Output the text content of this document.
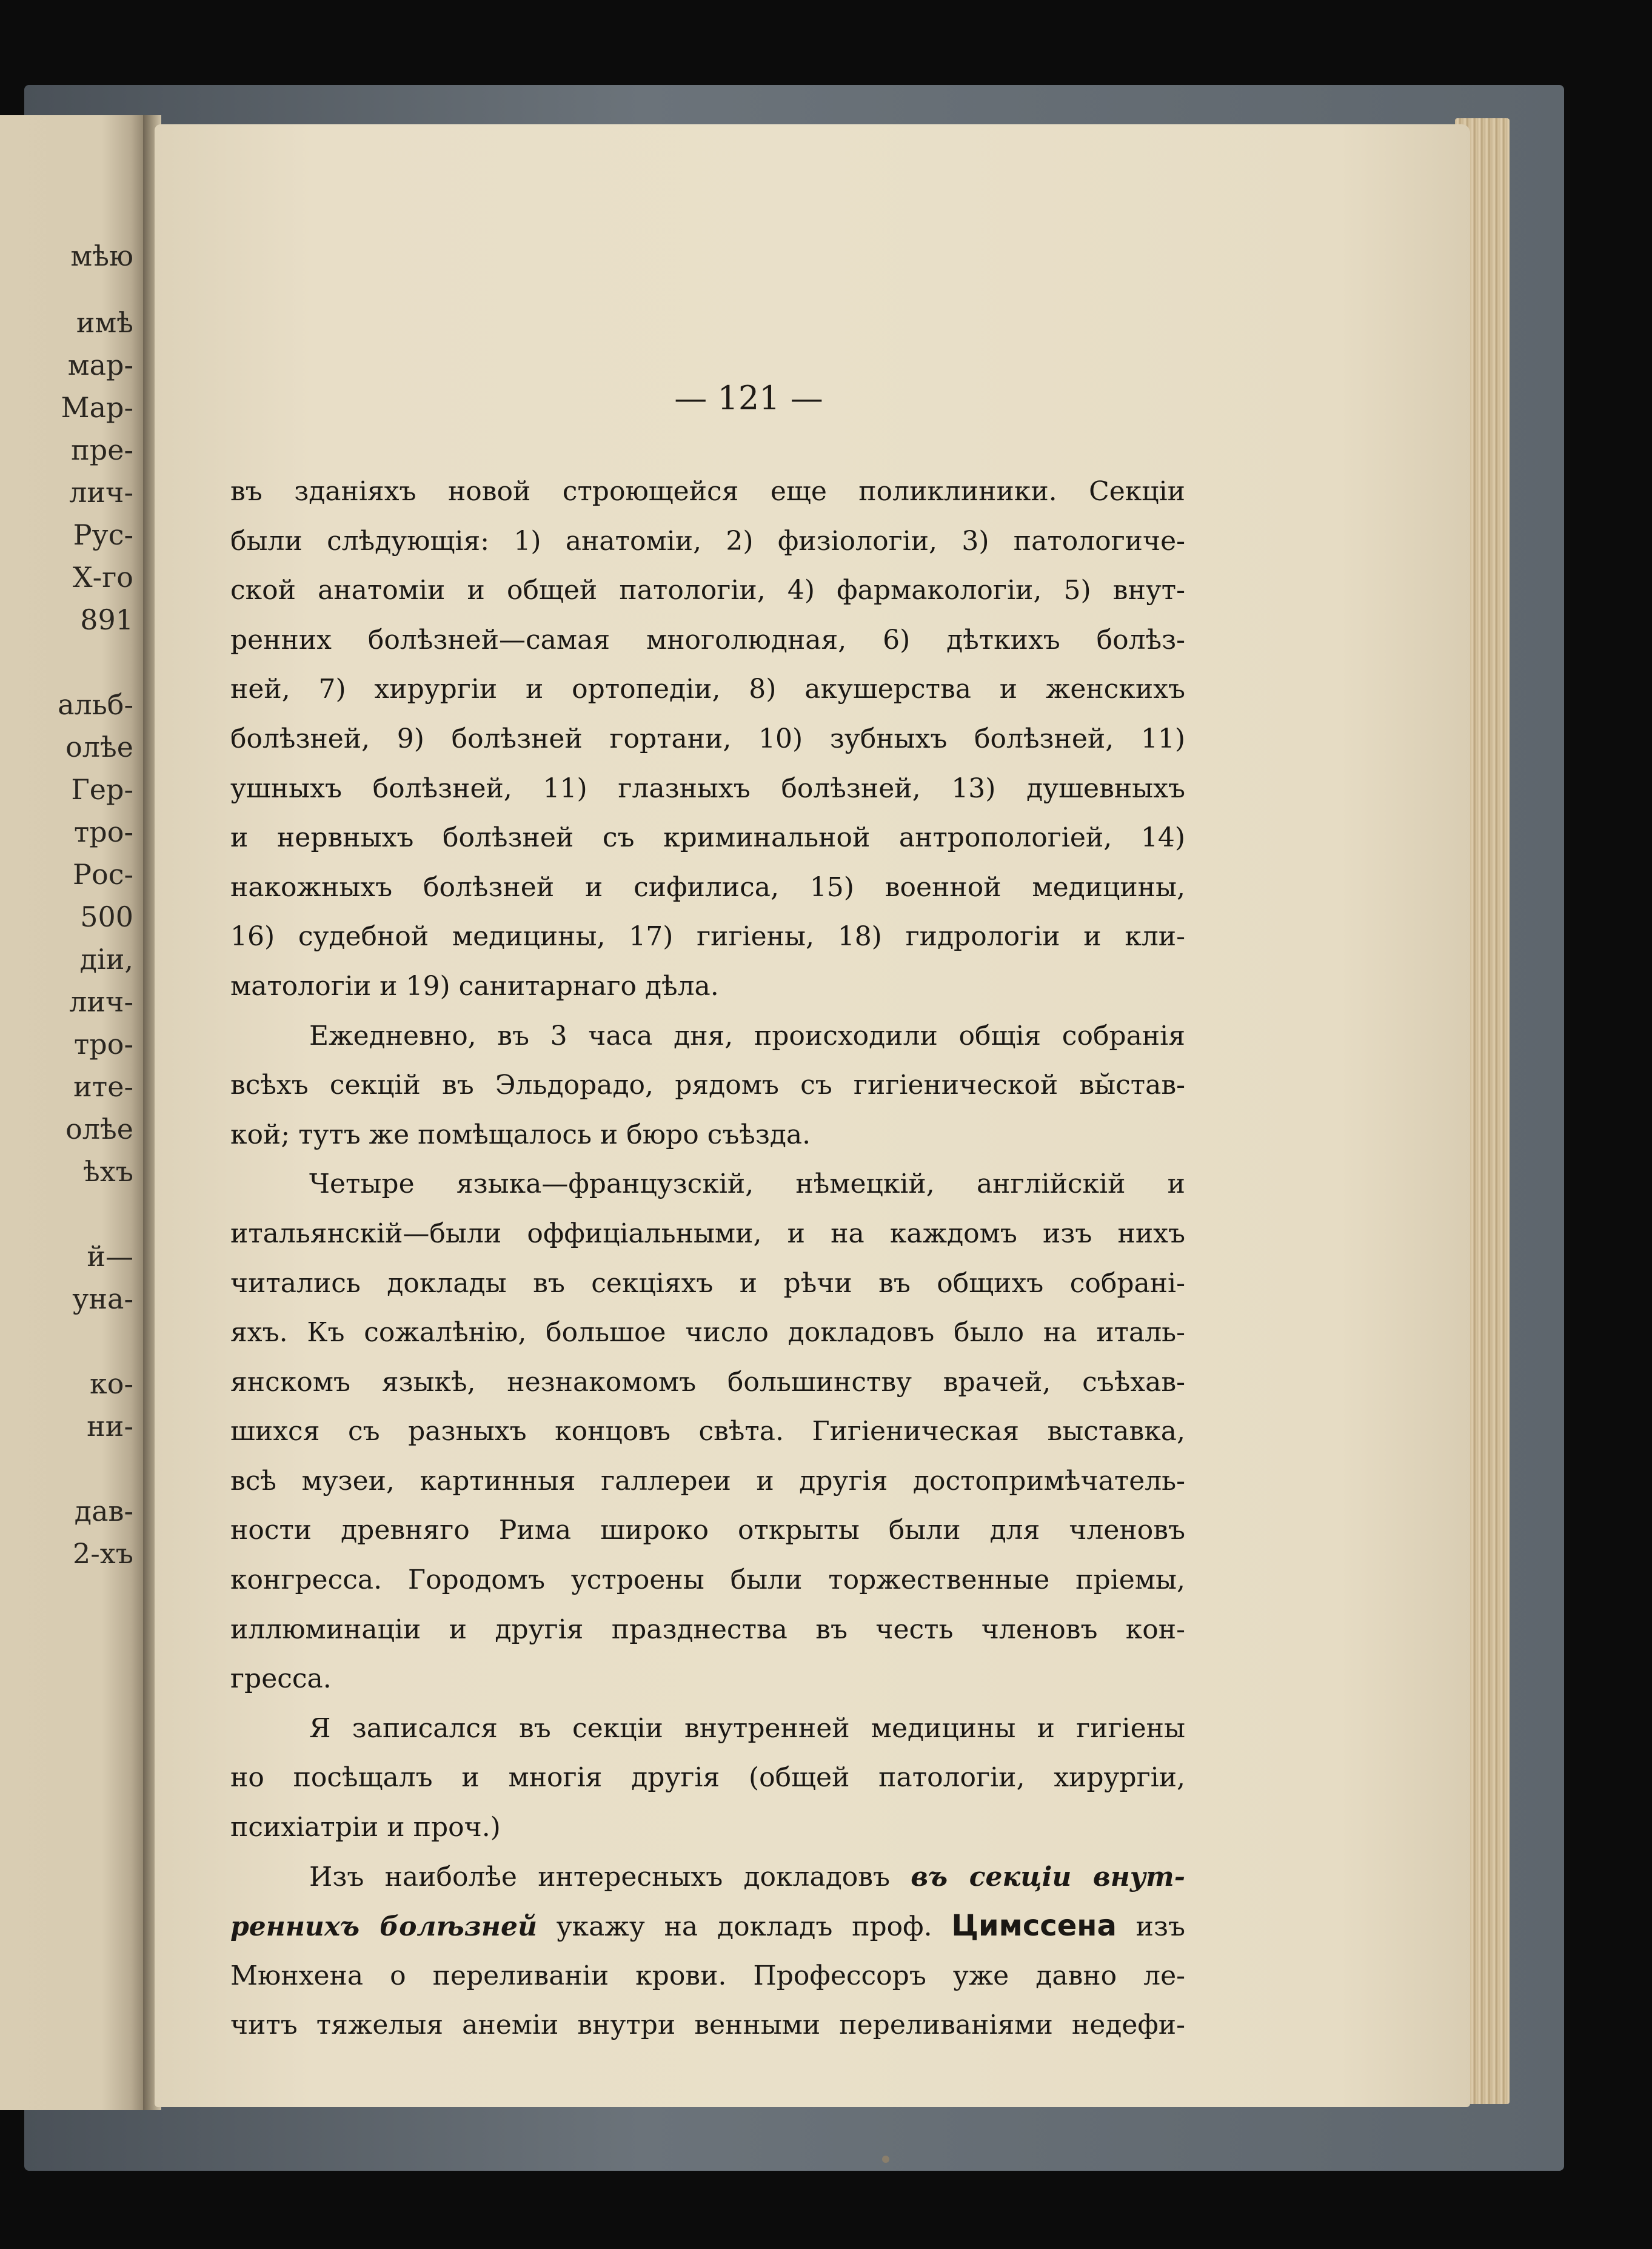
мѣю
имѣ
мар-
Мар-
пре-
лич-
Рус-
Х-го
891
альб-
олѣе
Гер-
тро-
Рос-
500
діи,
лич-
тро-
ите-
олѣе
ѣхъ
й—
уна-
ко-
ни-
дав-
2-хъ
— 121 —
въ зданіяхъ новой строющейся еще поликлиники. Секціи
были слѣдующія: 1) анатоміи, 2) физіологіи, 3) патологиче-
ской анатоміи и общей патологіи, 4) фармакологіи, 5) внут-
ренних болѣзней—самая многолюдная, 6) дѣткихъ болѣз-
ней, 7) хирургіи и ортопедіи, 8) акушерства и женскихъ
болѣзней, 9) болѣзней гортани, 10) зубныхъ болѣзней, 11)
ушныхъ болѣзней, 11) глазныхъ болѣзней, 13) душевныхъ
и нервныхъ болѣзней съ криминальной антропологіей, 14)
накожныхъ болѣзней и сифилиса, 15) военной медицины,
16) судебной медицины, 17) гигіены, 18) гидрологіи и кли-
матологіи и 19) санитарнаго дѣла.
Ежедневно, въ 3 часа дня, происходили общія собранія
всѣхъ секцій въ Эльдорадо, рядомъ съ гигіенической вы̆став-
кой; тутъ же помѣщалось и бюро съѣзда.
Четыре языка—французскій, нѣмецкій, англійскій и
итальянскій—были оффиціальными, и на каждомъ изъ нихъ
читались доклады въ секціяхъ и рѣчи въ общихъ собрані-
яхъ. Къ сожалѣнію, большое число докладовъ было на италь-
янскомъ языкѣ, незнакомомъ большинству врачей, съѣхав-
шихся съ разныхъ концовъ свѣта. Гигіеническая выставка,
всѣ музеи, картинныя галлереи и другія достопримѣчатель-
ности древняго Рима широко открыты были для членовъ
конгресса. Городомъ устроены были торжественные пріемы,
иллюминаціи и другія празднества въ честь членовъ кон-
гресса.
Я записался въ секціи внутренней медицины и гигіены
но посѣщалъ и многія другія (общей патологіи, хирургіи,
психіатріи и проч.)
Изъ наиболѣе интересныхъ докладовъ въ секціи внут-
реннихъ болѣзней укажу на докладъ проф. Цимссена изъ
Мюнхена о переливаніи крови. Профессоръ уже давно ле-
читъ тяжелыя анеміи внутри венными переливаніями недефи-
